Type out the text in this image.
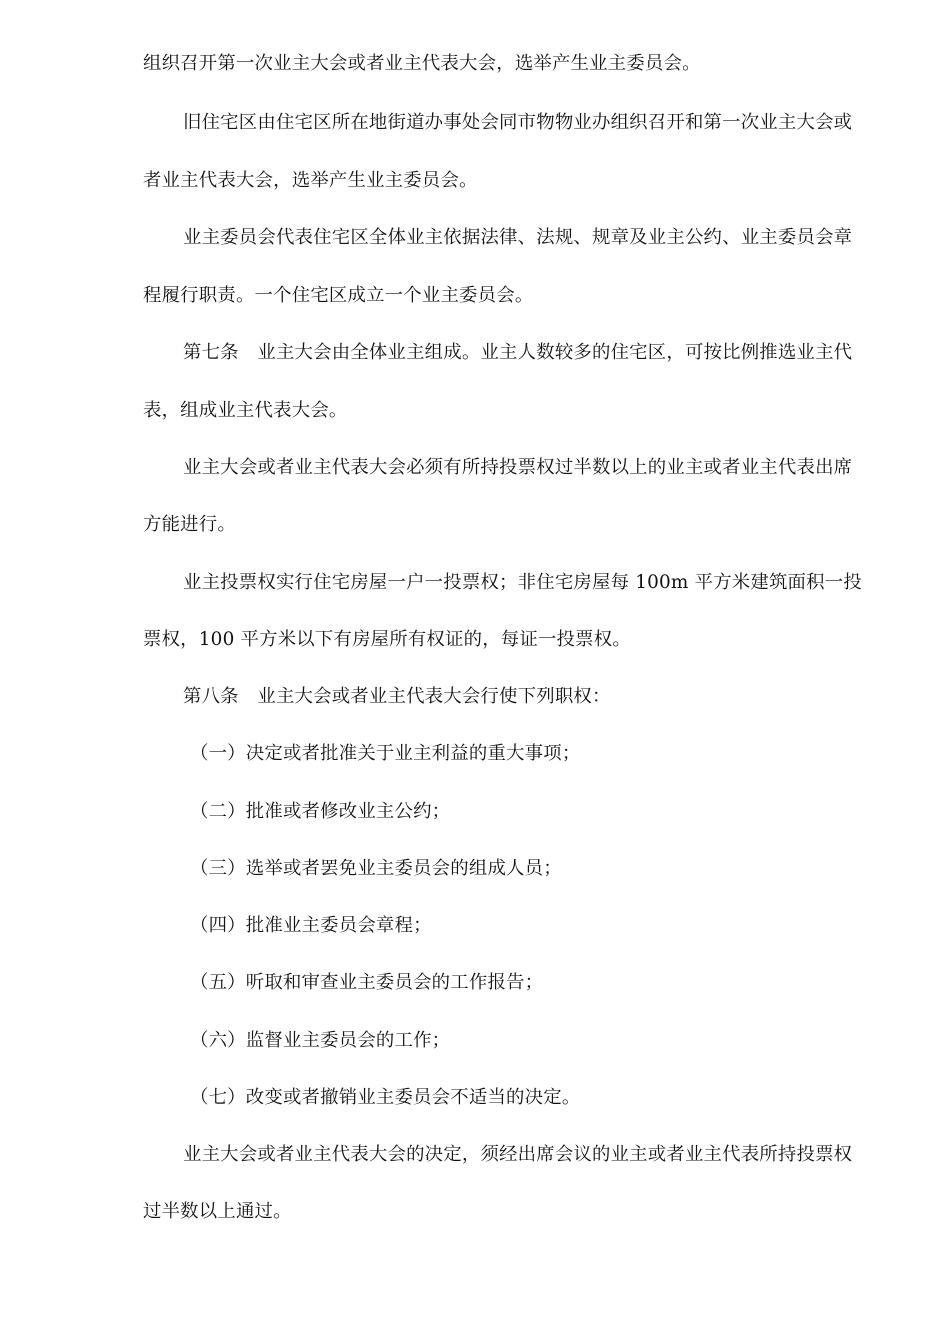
组织召开第一次业主大会或者业主代表大会，选举产生业主委员会。
旧住宅区由住宅区所在地街道办事处会同市物物业办组织召开和第一次业主大会或
者业主代表大会，选举产生业主委员会。
业主委员会代表住宅区全体业主依据法律、法规、规章及业主公约、业主委员会章
程履行职责。一个住宅区成立一个业主委员会。
第七条　业主大会由全体业主组成。业主人数较多的住宅区，可按比例推选业主代
表，组成业主代表大会。
业主大会或者业主代表大会必须有所持投票权过半数以上的业主或者业主代表出席
方能进行。
业主投票权实行住宅房屋一户一投票权；非住宅房屋每 100m 平方米建筑面积一投
票权，100 平方米以下有房屋所有权证的，每证一投票权。
第八条　业主大会或者业主代表大会行使下列职权：
（一）决定或者批准关于业主利益的重大事项；
（二）批准或者修改业主公约；
（三）选举或者罢免业主委员会的组成人员；
（四）批准业主委员会章程；
（五）听取和审查业主委员会的工作报告；
（六）监督业主委员会的工作；
（七）改变或者撤销业主委员会不适当的决定。
业主大会或者业主代表大会的决定，须经出席会议的业主或者业主代表所持投票权
过半数以上通过。
